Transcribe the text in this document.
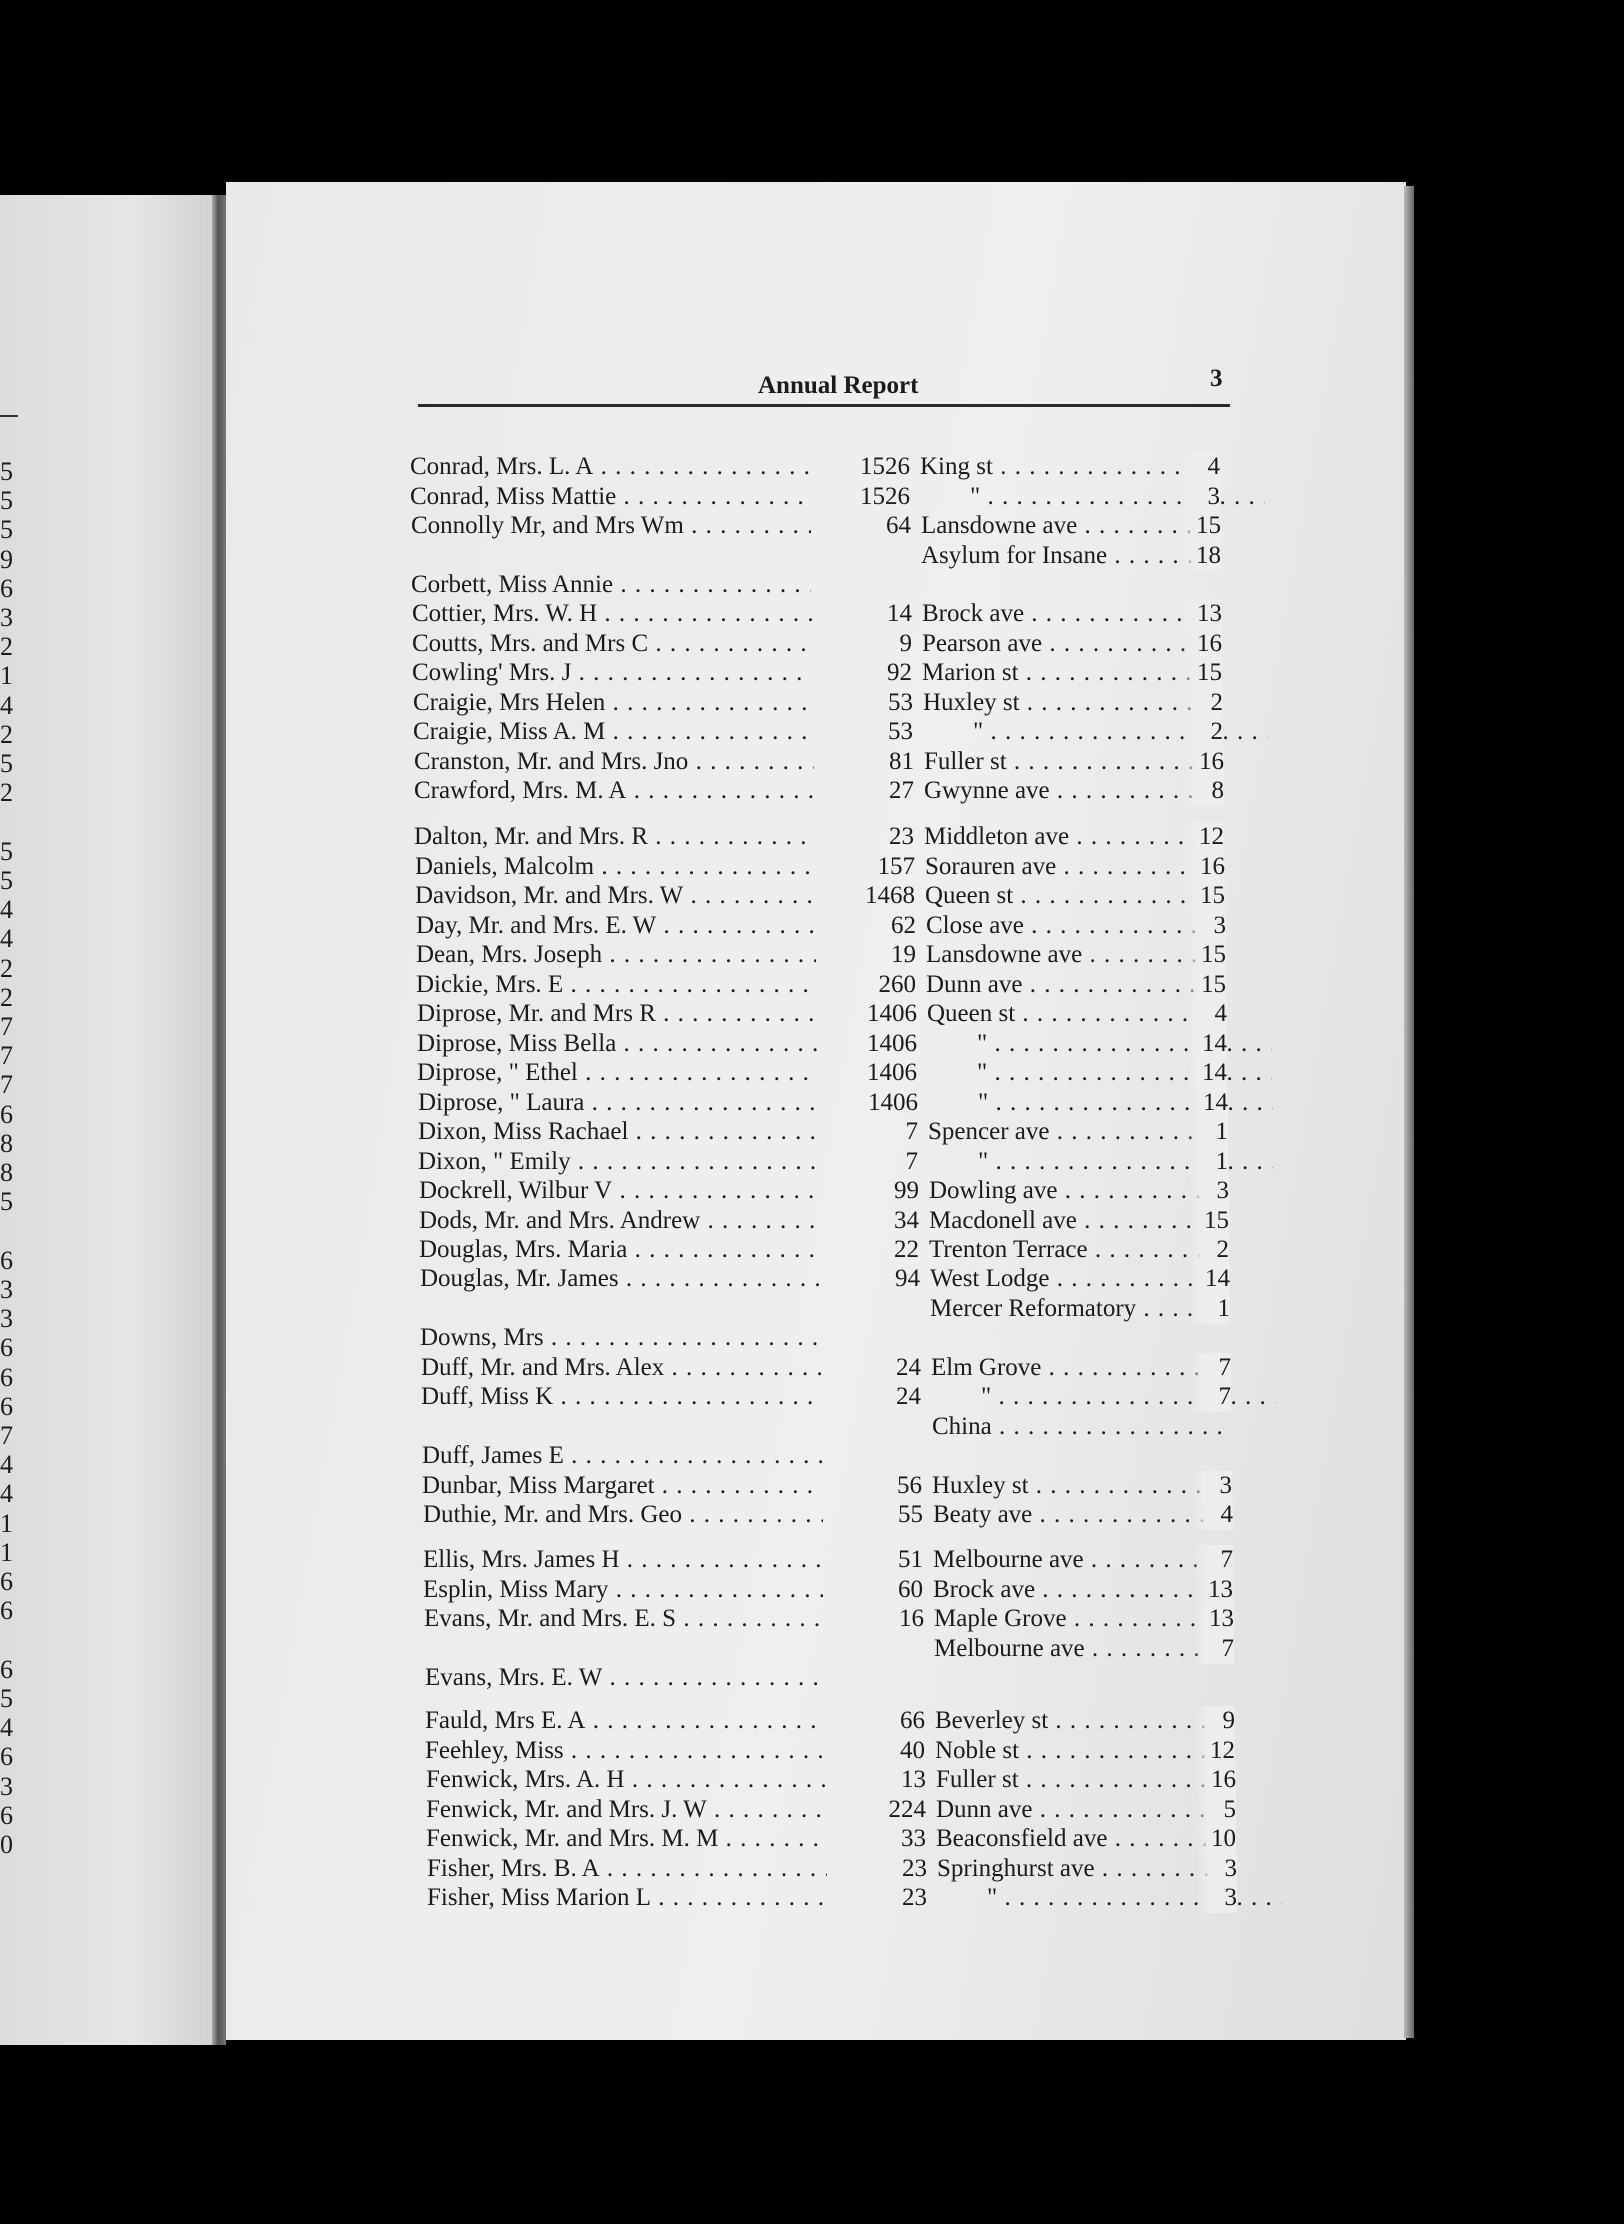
5
5
5
9
6
3
2
1
4
2
5
2
5
5
4
4
2
2
7
7
7
6
8
8
5
6
3
3
6
6
6
7
4
4
1
1
6
6
6
5
4
6
3
6
0
Annual Report	3
Conrad, Mrs. L. A . . .	1526 King st . . .	4
Conrad, Miss Mattie . . .	1526	" . . .	3
Connolly Mr, and Mrs Wm . . .	64 Lansdowne ave . . .	15
Asylum for Insane . . .	18
Corbett, Miss Annie . . .
Cottier, Mrs. W. H . . .	14 Brock ave . . .	13
Coutts, Mrs. and Mrs C . . .	9 Pearson ave . . .	16
Cowling' Mrs. J . . .	92 Marion st . . .	15
Craigie, Mrs Helen . . .	53 Huxley st . . .	2
Craigie, Miss A. M . . .	53	" . . .	2
Cranston, Mr. and Mrs. Jno . . .	81 Fuller st . . .	16
Crawford, Mrs. M. A . . .	27 Gwynne ave . . .	8
Dalton, Mr. and Mrs. R . . .	23 Middleton ave . . .	12
Daniels, Malcolm . . .	157 Sorauren ave . . .	16
Davidson, Mr. and Mrs. W . . .	1468 Queen st . . .	15
Day, Mr. and Mrs. E. W . . .	62 Close ave . . .	3
Dean, Mrs. Joseph . . .	19 Lansdowne ave . . .	15
Dickie, Mrs. E . . .	260 Dunn ave . . .	15
Diprose, Mr. and Mrs R . . .	1406 Queen st . . .	4
Diprose, Miss Bella . . .	1406	" . . .	14
Diprose, " Ethel . . .	1406	" . . .	14
Diprose, " Laura . . .	1406	" . . .	14
Dixon, Miss Rachael . . .	7 Spencer ave . . .	1
Dixon, " Emily . . .	7	" . . .	1
Dockrell, Wilbur V . . .	99 Dowling ave . . .	3
Dods, Mr. and Mrs. Andrew . . .	34 Macdonell ave . . .	15
Douglas, Mrs. Maria . . .	22 Trenton Terrace . . .	2
Douglas, Mr. James . . .	94 West Lodge . . .	14
Mercer Reformatory . . .	1
Downs, Mrs . . .
Duff, Mr. and Mrs. Alex . . .	24 Elm Grove . . .	7
Duff, Miss K . . .	24	" . . .	7
China . . .
Duff, James E . . .
Dunbar, Miss Margaret . . .	56 Huxley st . . .	3
Duthie, Mr. and Mrs. Geo . . .	55 Beaty ave . . .	4
Ellis, Mrs. James H . . .	51 Melbourne ave . . .	7
Esplin, Miss Mary . . .	60 Brock ave . . .	13
Evans, Mr. and Mrs. E. S . . .	16 Maple Grove . . .	13
Melbourne ave . . .	7
Evans, Mrs. E. W . . .
Fauld, Mrs E. A . . .	66 Beverley st . . .	9
Feehley, Miss . . .	40 Noble st . . .	12
Fenwick, Mrs. A. H . . .	13 Fuller st . . .	16
Fenwick, Mr. and Mrs. J. W . . .	224 Dunn ave . . .	5
Fenwick, Mr. and Mrs. M. M . . .	33 Beaconsfield ave . . .	10
Fisher, Mrs. B. A . . .	23 Springhurst ave . . .	3
Fisher, Miss Marion L . . .	23	" . . .	3
